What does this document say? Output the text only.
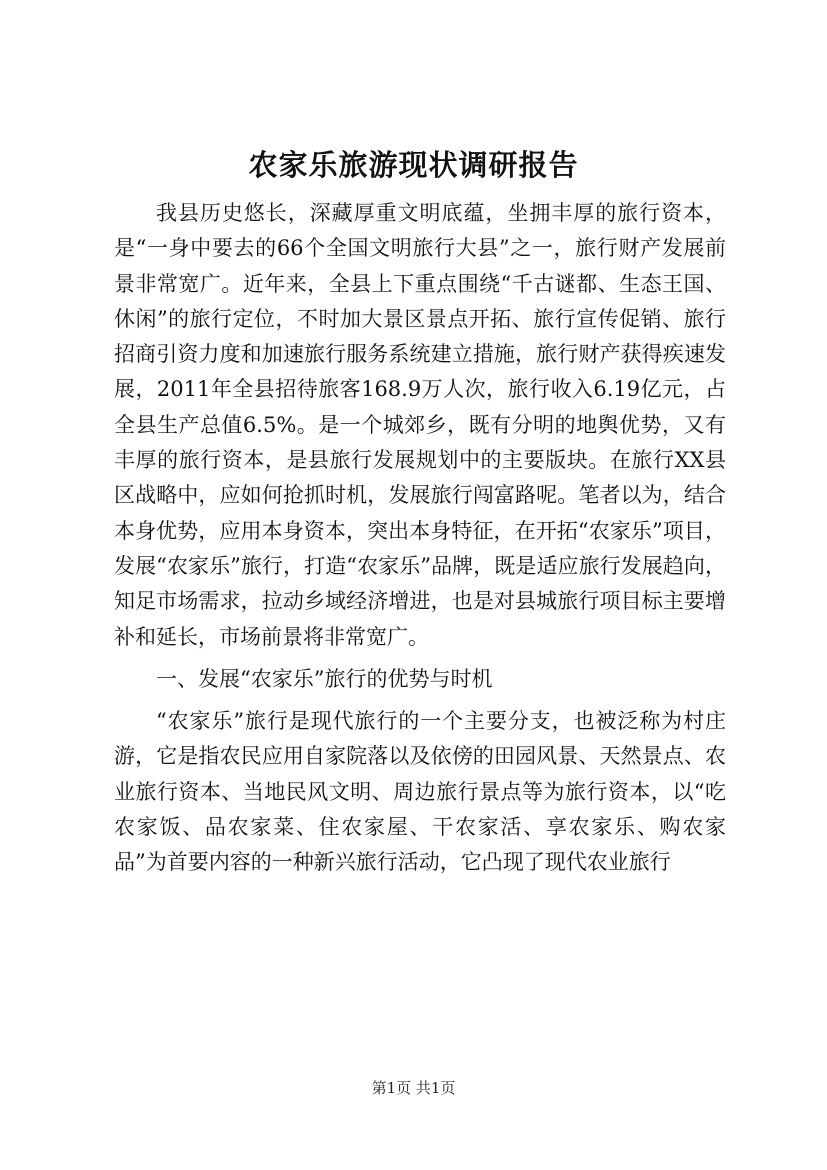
农家乐旅游现状调研报告

我县历史悠长，深藏厚重文明底蕴，坐拥丰厚的旅行资本，是“一身中要去的66个全国文明旅行大县”之一，旅行财产发展前景非常宽广。近年来，全县上下重点围绕“千古谜都、生态王国、休闲”的旅行定位，不时加大景区景点开拓、旅行宣传促销、旅行招商引资力度和加速旅行服务系统建立措施，旅行财产获得疾速发展，2011年全县招待旅客168.9万人次，旅行收入6.19亿元，占全县生产总值6.5%。是一个城郊乡，既有分明的地舆优势，又有丰厚的旅行资本，是县旅行发展规划中的主要版块。在旅行XX县区战略中，应如何抢抓时机，发展旅行闯富路呢。笔者以为，结合本身优势，应用本身资本，突出本身特征，在开拓“农家乐”项目，发展“农家乐”旅行，打造“农家乐”品牌，既是适应旅行发展趋向，知足市场需求，拉动乡域经济增进，也是对县城旅行项目标主要增补和延长，市场前景将非常宽广。

一、发展“农家乐”旅行的优势与时机

“农家乐”旅行是现代旅行的一个主要分支，也被泛称为村庄游，它是指农民应用自家院落以及依傍的田园风景、天然景点、农业旅行资本、当地民风文明、周边旅行景点等为旅行资本，以“吃农家饭、品农家菜、住农家屋、干农家活、享农家乐、购农家品”为首要内容的一种新兴旅行活动，它凸现了现代农业旅行

第1页 共1页
